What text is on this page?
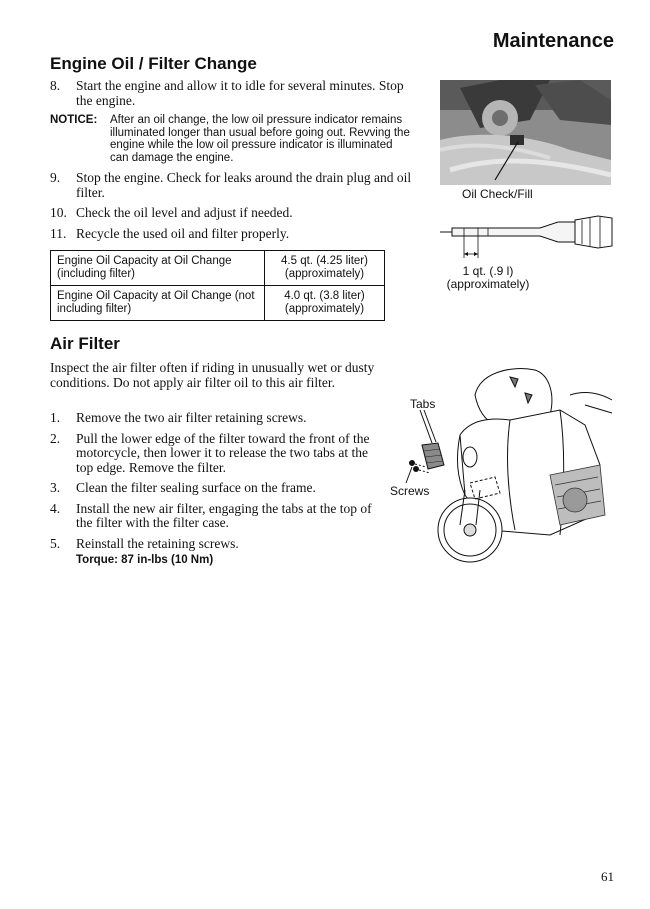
Maintenance
Engine Oil / Filter Change
8. Start the engine and allow it to idle for several minutes. Stop the engine.
NOTICE: After an oil change, the low oil pressure indicator remains illuminated longer than usual before going out. Revving the engine while the low oil pressure indicator is illuminated can damage the engine.
9. Stop the engine. Check for leaks around the drain plug and oil filter.
10. Check the oil level and adjust if needed.
11. Recycle the used oil and filter properly.
Engine Oil Capacity at Oil Change (including filter)	4.5 qt. (4.25 liter) (approximately)
Engine Oil Capacity at Oil Change (not including filter)	4.0 qt. (3.8 liter) (approximately)
Oil Check/Fill
1 qt. (.9 l)
(approximately)
Air Filter
Inspect the air filter often if riding in unusually wet or dusty conditions. Do not apply air filter oil to this air filter.
1. Remove the two air filter retaining screws.
2. Pull the lower edge of the filter toward the front of the motorcycle, then lower it to release the two tabs at the top edge. Remove the filter.
3. Clean the filter sealing surface on the frame.
4. Install the new air filter, engaging the tabs at the top of the filter with the filter case.
5. Reinstall the retaining screws.
Torque: 87 in-lbs (10 Nm)
Tabs
Screws
61
